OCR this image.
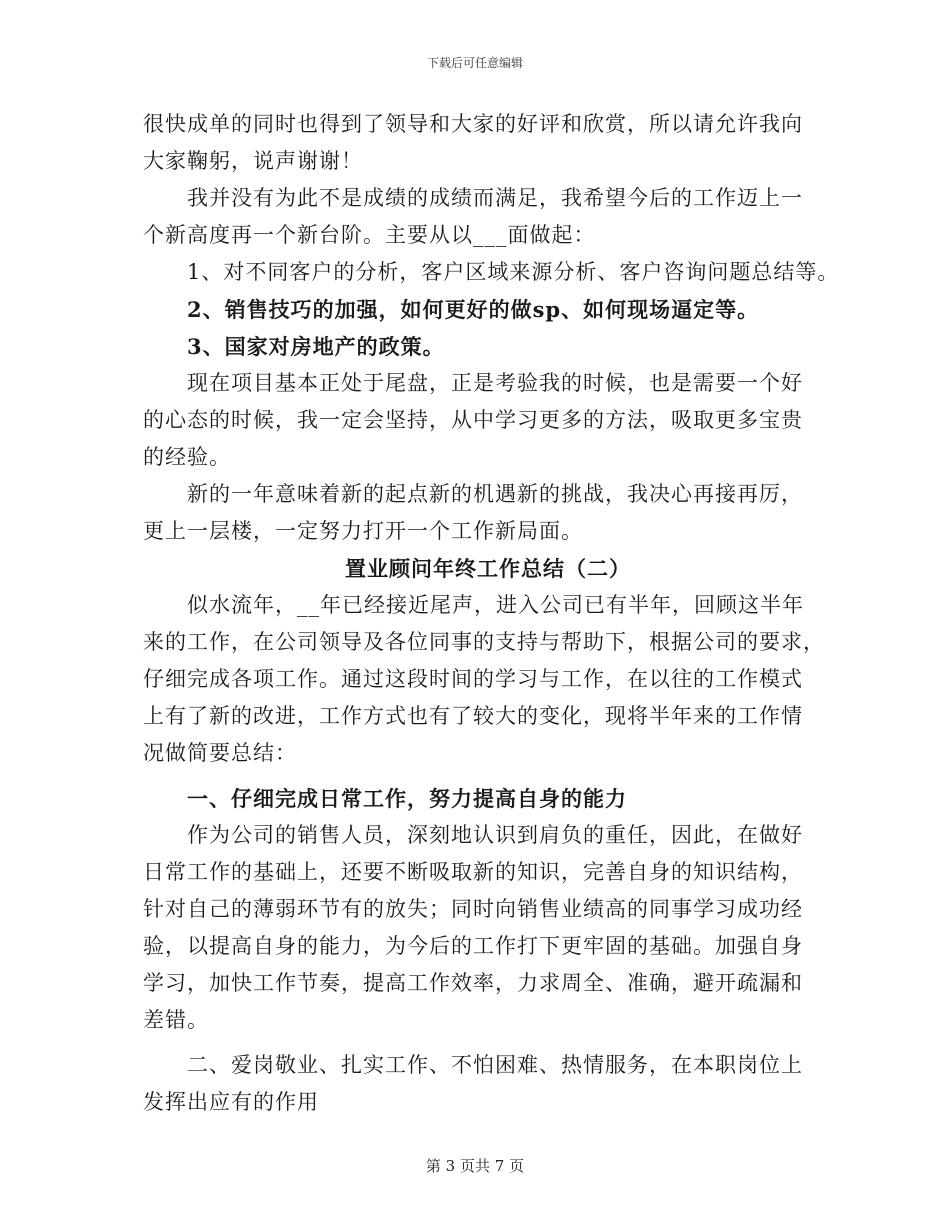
下载后可任意编辑
很快成单的同时也得到了领导和大家的好评和欣赏，所以请允许我向
大家鞠躬，说声谢谢！
我并没有为此不是成绩的成绩而满足，我希望今后的工作迈上一
个新高度再一个新台阶。主要从以___面做起：
1、对不同客户的分析，客户区域来源分析、客户咨询问题总结等。
2、销售技巧的加强，如何更好的做sp、如何现场逼定等。
3、国家对房地产的政策。
现在项目基本正处于尾盘，正是考验我的时候，也是需要一个好
的心态的时候，我一定会坚持，从中学习更多的方法，吸取更多宝贵
的经验。
新的一年意味着新的起点新的机遇新的挑战，我决心再接再厉，
更上一层楼，一定努力打开一个工作新局面。
置业顾问年终工作总结（二）
似水流年，__年已经接近尾声，进入公司已有半年，回顾这半年
来的工作，在公司领导及各位同事的支持与帮助下，根据公司的要求，
仔细完成各项工作。通过这段时间的学习与工作，在以往的工作模式
上有了新的改进，工作方式也有了较大的变化，现将半年来的工作情
况做简要总结：
一、仔细完成日常工作，努力提高自身的能力
作为公司的销售人员，深刻地认识到肩负的重任，因此，在做好
日常工作的基础上，还要不断吸取新的知识，完善自身的知识结构，
针对自己的薄弱环节有的放失；同时向销售业绩高的同事学习成功经
验，以提高自身的能力，为今后的工作打下更牢固的基础。加强自身
学习，加快工作节奏，提高工作效率，力求周全、准确，避开疏漏和
差错。
二、爱岗敬业、扎实工作、不怕困难、热情服务，在本职岗位上
发挥出应有的作用
第 3 页共 7 页
